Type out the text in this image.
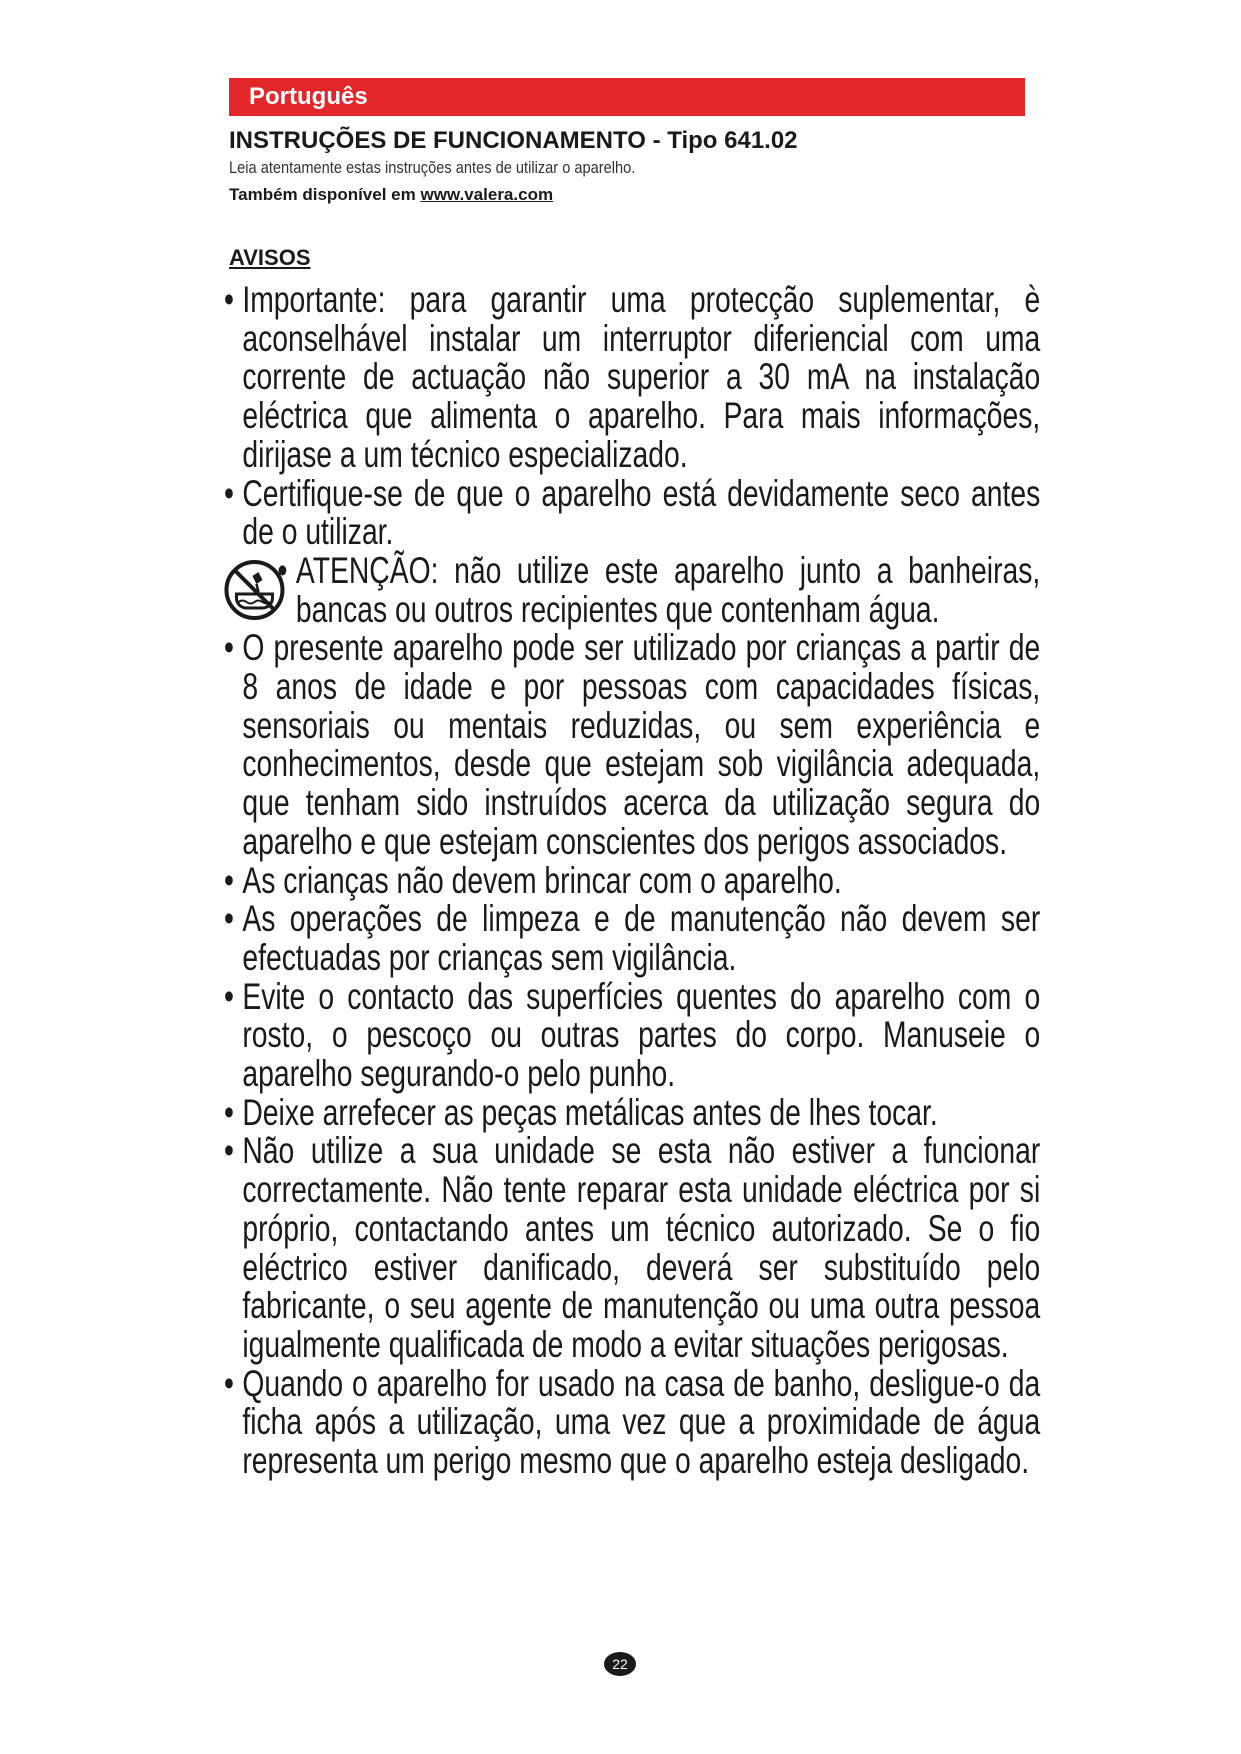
Português
INSTRUÇÕES DE FUNCIONAMENTO - Tipo 641.02
Leia atentamente estas instruções antes de utilizar o aparelho.
Também disponível em www.valera.com
AVISOS
• Importante: para garantir uma protecção suplementar, è aconselhável instalar um interruptor diferiencial com uma corrente de actuação não superior a 30 mA na instalação eléctrica que alimenta o aparelho. Para mais informações, dirijase a um técnico especializado.
• Certifique-se de que o aparelho está devidamente seco antes de o utilizar.
• ATENÇÃO: não utilize este aparelho junto a banheiras, bancas ou outros recipientes que contenham água.
• O presente aparelho pode ser utilizado por crianças a partir de 8 anos de idade e por pessoas com capacidades físicas, sensoriais ou mentais reduzidas, ou sem experiência e conhecimentos, desde que estejam sob vigilância adequada, que tenham sido instruídos acerca da utilização segura do aparelho e que estejam conscientes dos perigos associados.
• As crianças não devem brincar com o aparelho.
• As operações de limpeza e de manutenção não devem ser efectuadas por crianças sem vigilância.
• Evite o contacto das superfícies quentes do aparelho com o rosto, o pescoço ou outras partes do corpo. Manuseie o aparelho segurando-o pelo punho.
• Deixe arrefecer as peças metálicas antes de lhes tocar.
• Não utilize a sua unidade se esta não estiver a funcionar correctamente. Não tente reparar esta unidade eléctrica por si próprio, contactando antes um técnico autorizado. Se o fio eléctrico estiver danificado, deverá ser substituído pelo fabricante, o seu agente de manutenção ou uma outra pessoa igualmente qualificada de modo a evitar situações perigosas.
• Quando o aparelho for usado na casa de banho, desligue-o da ficha após a utilização, uma vez que a proximidade de água representa um perigo mesmo que o aparelho esteja desligado.
22
